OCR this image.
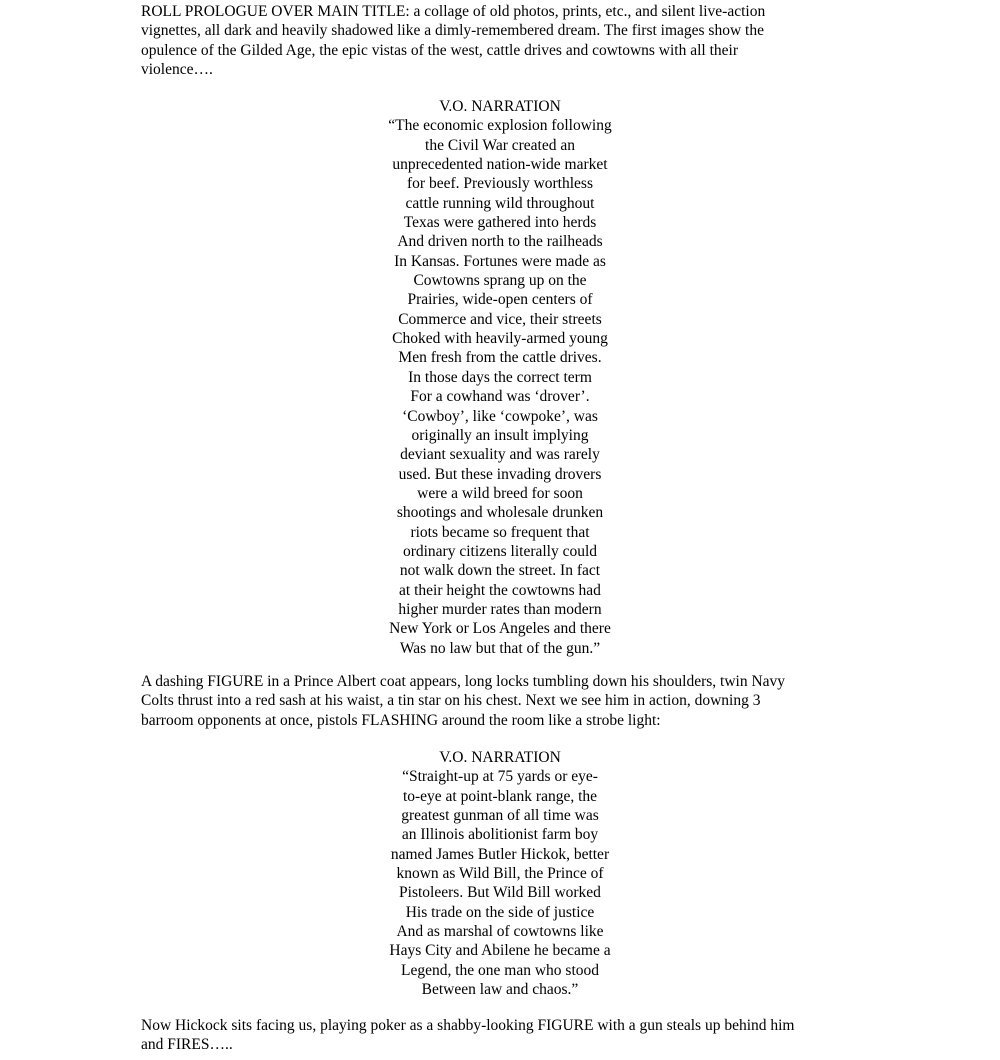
ROLL PROLOGUE OVER MAIN TITLE: a collage of old photos, prints, etc., and silent live-action
vignettes, all dark and heavily shadowed like a dimly-remembered dream. The first images show the
opulence of the Gilded Age, the epic vistas of the west, cattle drives and cowtowns with all their
violence….

V.O. NARRATION
“The economic explosion following
the Civil War created an
unprecedented nation-wide market
for beef. Previously worthless
cattle running wild throughout
Texas were gathered into herds
And driven north to the railheads
In Kansas. Fortunes were made as
Cowtowns sprang up on the
Prairies, wide-open centers of
Commerce and vice, their streets
Choked with heavily-armed young
Men fresh from the cattle drives.
In those days the correct term
For a cowhand was ‘drover’.
‘Cowboy’, like ‘cowpoke’, was
originally an insult implying
deviant sexuality and was rarely
used. But these invading drovers
were a wild breed for soon
shootings and wholesale drunken
riots became so frequent that
ordinary citizens literally could
not walk down the street. In fact
at their height the cowtowns had
higher murder rates than modern
New York or Los Angeles and there
Was no law but that of the gun.”

A dashing FIGURE in a Prince Albert coat appears, long locks tumbling down his shoulders, twin Navy
Colts thrust into a red sash at his waist, a tin star on his chest. Next we see him in action, downing 3
barroom opponents at once, pistols FLASHING around the room like a strobe light:

V.O. NARRATION
“Straight-up at 75 yards or eye-
to-eye at point-blank range, the
greatest gunman of all time was
an Illinois abolitionist farm boy
named James Butler Hickok, better
known as Wild Bill, the Prince of
Pistoleers. But Wild Bill worked
His trade on the side of justice
And as marshal of cowtowns like
Hays City and Abilene he became a
Legend, the one man who stood
Between law and chaos.”

Now Hickock sits facing us, playing poker as a shabby-looking FIGURE with a gun steals up behind him
and FIRES…..
